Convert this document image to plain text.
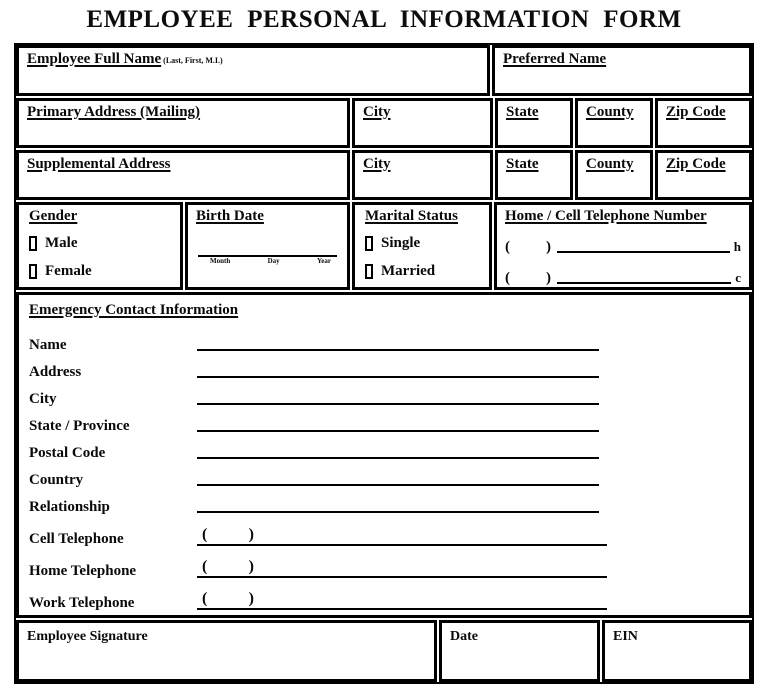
EMPLOYEE PERSONAL INFORMATION FORM
Employee Full Name (Last, First, M.I.)	Preferred Name
Primary Address (Mailing)	City	State	County	Zip Code
Supplemental Address	City	State	County	Zip Code
Gender
Male
Female
Birth Date
Month	Day	Year
Marital Status
Single
Married
Home / Cell Telephone Number
( )	h
( )	c
Emergency Contact Information
Name
Address
City
State / Province
Postal Code
Country
Relationship
Cell Telephone	(	)
Home Telephone	(	)
Work Telephone	(	)
Employee Signature	Date	EIN
